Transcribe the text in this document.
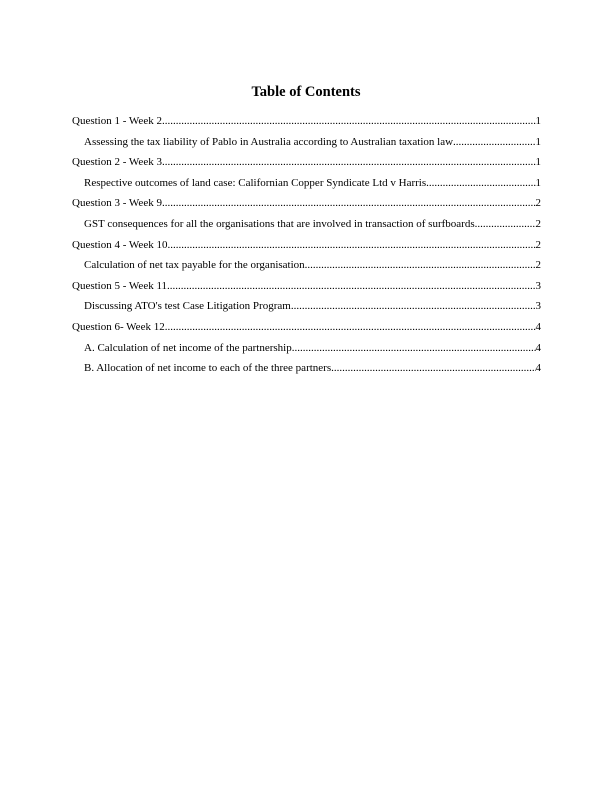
Table of Contents
Question 1 - Week 2 .....	1
Assessing the tax liability of Pablo in Australia according to Australian taxation law .....	1
Question 2 - Week 3 .....	1
Respective outcomes of land case: Californian Copper Syndicate Ltd v Harris .....	1
Question 3 - Week 9 .....	2
GST consequences for all the organisations that are involved in transaction of surfboards .....	2
Question 4 - Week 10 .....	2
Calculation of net tax payable for the organisation .....	2
Question 5 - Week 11 .....	3
Discussing ATO's test Case Litigation Program .....	3
Question 6- Week 12 .....	4
A. Calculation of net income of the partnership .....	4
B. Allocation of net income to each of the three partners .....	4
